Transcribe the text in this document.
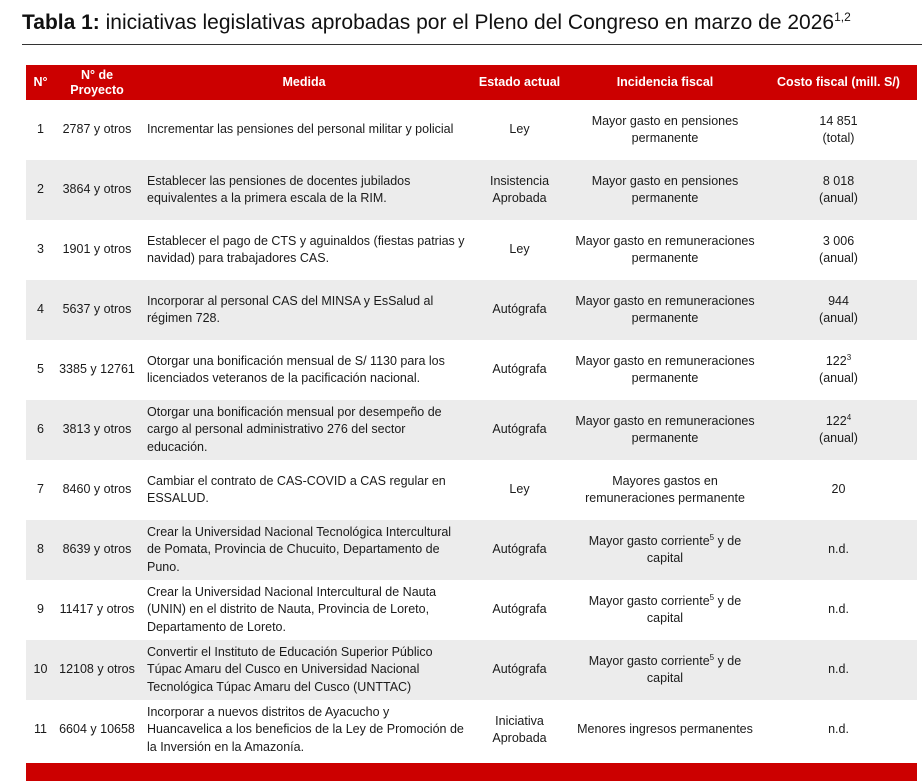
Tabla 1: iniciativas legislativas aprobadas por el Pleno del Congreso en marzo de 2026$^{1,2}$
N°	N° de Proyecto	Medida	Estado actual	Incidencia fiscal	Costo fiscal (mill. S/)
1	2787 y otros	Incrementar las pensiones del personal militar y policial	Ley	Mayor gasto en pensiones permanente	14 851
(total)
2	3864 y otros	Establecer las pensiones de docentes jubilados equivalentes a la primera escala de la RIM.	Insistencia Aprobada	Mayor gasto en pensiones permanente	8 018
(anual)
3	1901 y otros	Establecer el pago de CTS y aguinaldos (fiestas patrias y navidad) para trabajadores CAS.	Ley	Mayor gasto en remuneraciones permanente	3 006
(anual)
4	5637 y otros	Incorporar al personal CAS del MINSA y EsSalud al régimen 728.	Autógrafa	Mayor gasto en remuneraciones permanente	944
(anual)
5	3385 y 12761	Otorgar una bonificación mensual de S/ 1130 para los licenciados veteranos de la pacificación nacional.	Autógrafa	Mayor gasto en remuneraciones permanente	$122^3$
(anual)
6	3813 y otros	Otorgar una bonificación mensual por desempeño de cargo al personal administrativo 276 del sector educación.	Autógrafa	Mayor gasto en remuneraciones permanente	$122^4$
(anual)
7	8460 y otros	Cambiar el contrato de CAS-COVID a CAS regular en ESSALUD.	Ley	Mayores gastos en remuneraciones permanente	20
8	8639 y otros	Crear la Universidad Nacional Tecnológica Intercultural de Pomata, Provincia de Chucuito, Departamento de Puno.	Autógrafa	Mayor gasto corriente$^5$ y de capital	n.d.
9	11417 y otros	Crear la Universidad Nacional Intercultural de Nauta (UNIN) en el distrito de Nauta, Provincia de Loreto, Departamento de Loreto.	Autógrafa	Mayor gasto corriente$^5$ y de capital	n.d.
10	12108 y otros	Convertir el Instituto de Educación Superior Público Túpac Amaru del Cusco en Universidad Nacional Tecnológica Túpac Amaru del Cusco (UNTTAC)	Autógrafa	Mayor gasto corriente$^5$ y de capital	n.d.
11	6604 y 10658	Incorporar a nuevos distritos de Ayacucho y Huancavelica a los beneficios de la Ley de Promoción de la Inversión en la Amazonía.	Iniciativa Aprobada	Menores ingresos permanentes	n.d.
